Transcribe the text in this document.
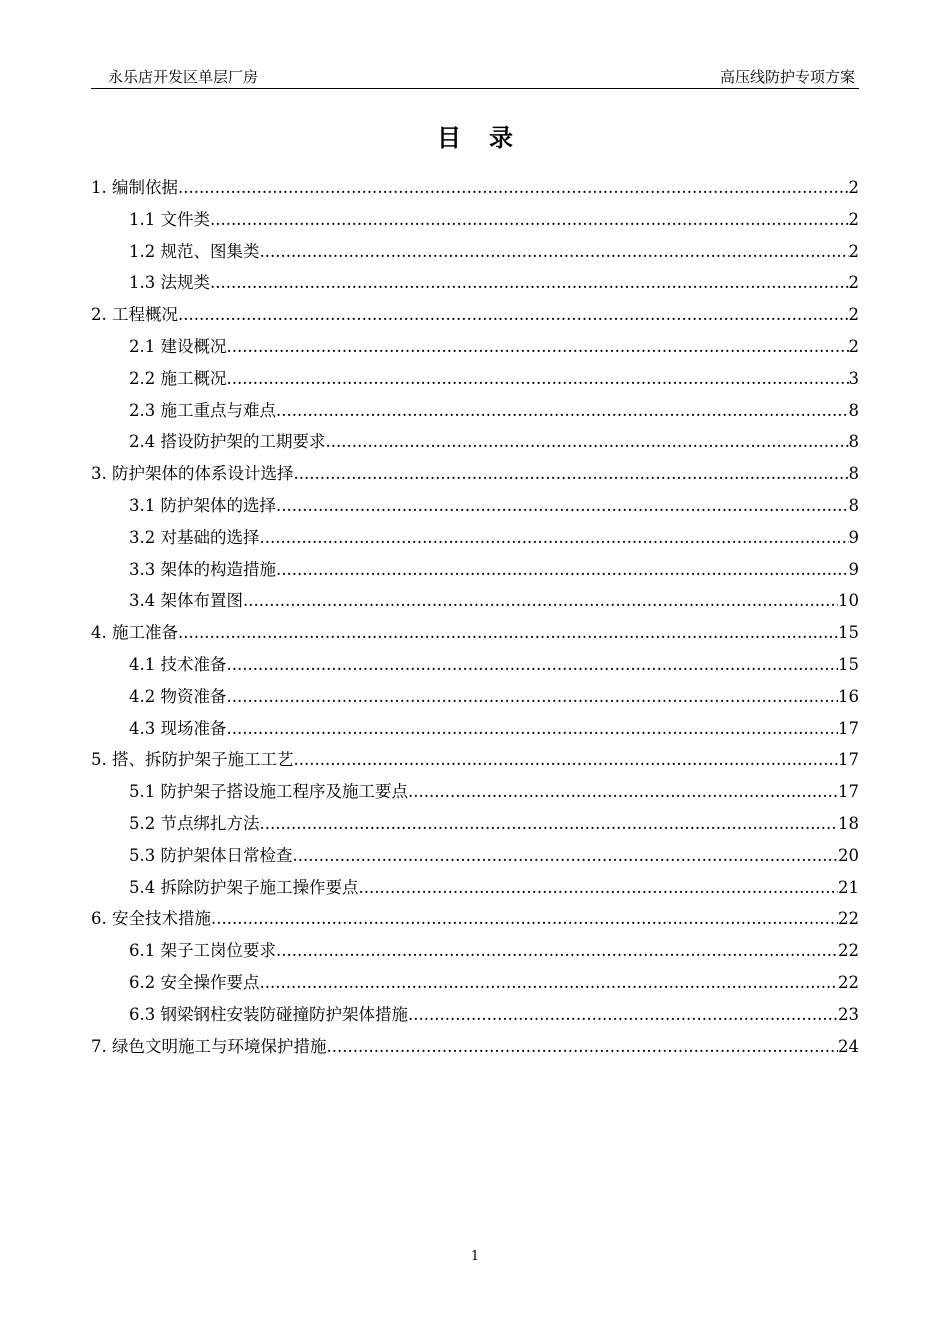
永乐店开发区单层厂房	高压线防护专项方案
目录
1. 编制依据 .....	2
1.1 文件类 .....	2
1.2 规范、图集类 .....	2
1.3 法规类 .....	2
2. 工程概况 .....	2
2.1 建设概况 .....	2
2.2 施工概况 .....	3
2.3 施工重点与难点 .....	8
2.4 搭设防护架的工期要求 .....	8
3. 防护架体的体系设计选择 .....	8
3.1 防护架体的选择 .....	8
3.2 对基础的选择 .....	9
3.3 架体的构造措施 .....	9
3.4 架体布置图 .....	10
4. 施工准备 .....	15
4.1 技术准备 .....	15
4.2 物资准备 .....	16
4.3 现场准备 .....	17
5. 搭、拆防护架子施工工艺 .....	17
5.1 防护架子搭设施工程序及施工要点 .....	17
5.2 节点绑扎方法 .....	18
5.3 防护架体日常检查 .....	20
5.4 拆除防护架子施工操作要点 .....	21
6. 安全技术措施 .....	22
6.1 架子工岗位要求 .....	22
6.2 安全操作要点 .....	22
6.3 钢梁钢柱安装防碰撞防护架体措施 .....	23
7. 绿色文明施工与环境保护措施 .....	24
1
